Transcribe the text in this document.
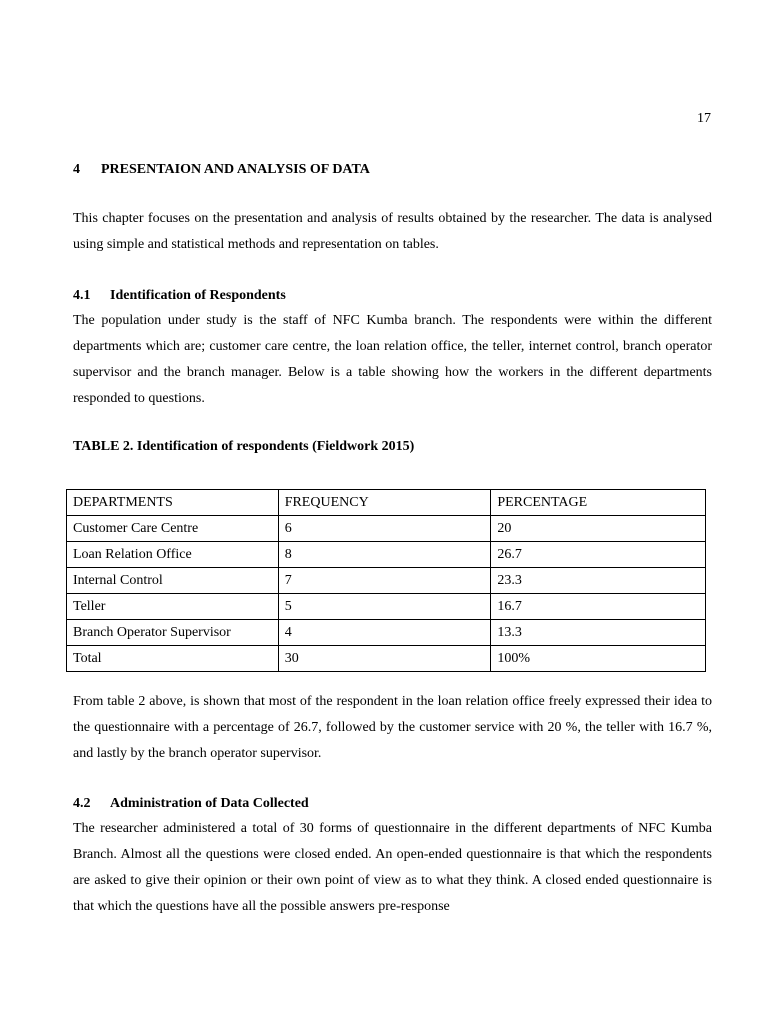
17
4 PRESENTAION AND ANALYSIS OF DATA

This chapter focuses on the presentation and analysis of results obtained by the researcher. The data is analysed using simple and statistical methods and representation on tables.

4.1 Identification of Respondents

The population under study is the staff of NFC Kumba branch. The respondents were within the different departments which are; customer care centre, the loan relation office, the teller, internet control, branch operator supervisor and the branch manager. Below is a table showing how the workers in the different departments responded to questions.

TABLE 2. Identification of respondents (Fieldwork 2015)
DEPARTMENTS	FREQUENCY	PERCENTAGE
Customer Care Centre	6	20
Loan Relation Office	8	26.7
Internal Control	7	23.3
Teller	5	16.7
Branch Operator Supervisor	4	13.3
Total	30	100%

From table 2 above, is shown that most of the respondent in the loan relation office freely expressed their idea to the questionnaire with a percentage of 26.7, followed by the customer service with 20 %, the teller with 16.7 %, and lastly by the branch operator supervisor.

4.2 Administration of Data Collected

The researcher administered a total of 30 forms of questionnaire in the different departments of NFC Kumba Branch. Almost all the questions were closed ended. An open-ended questionnaire is that which the respondents are asked to give their opinion or their own point of view as to what they think. A closed ended questionnaire is that which the questions have all the possible answers pre-response
